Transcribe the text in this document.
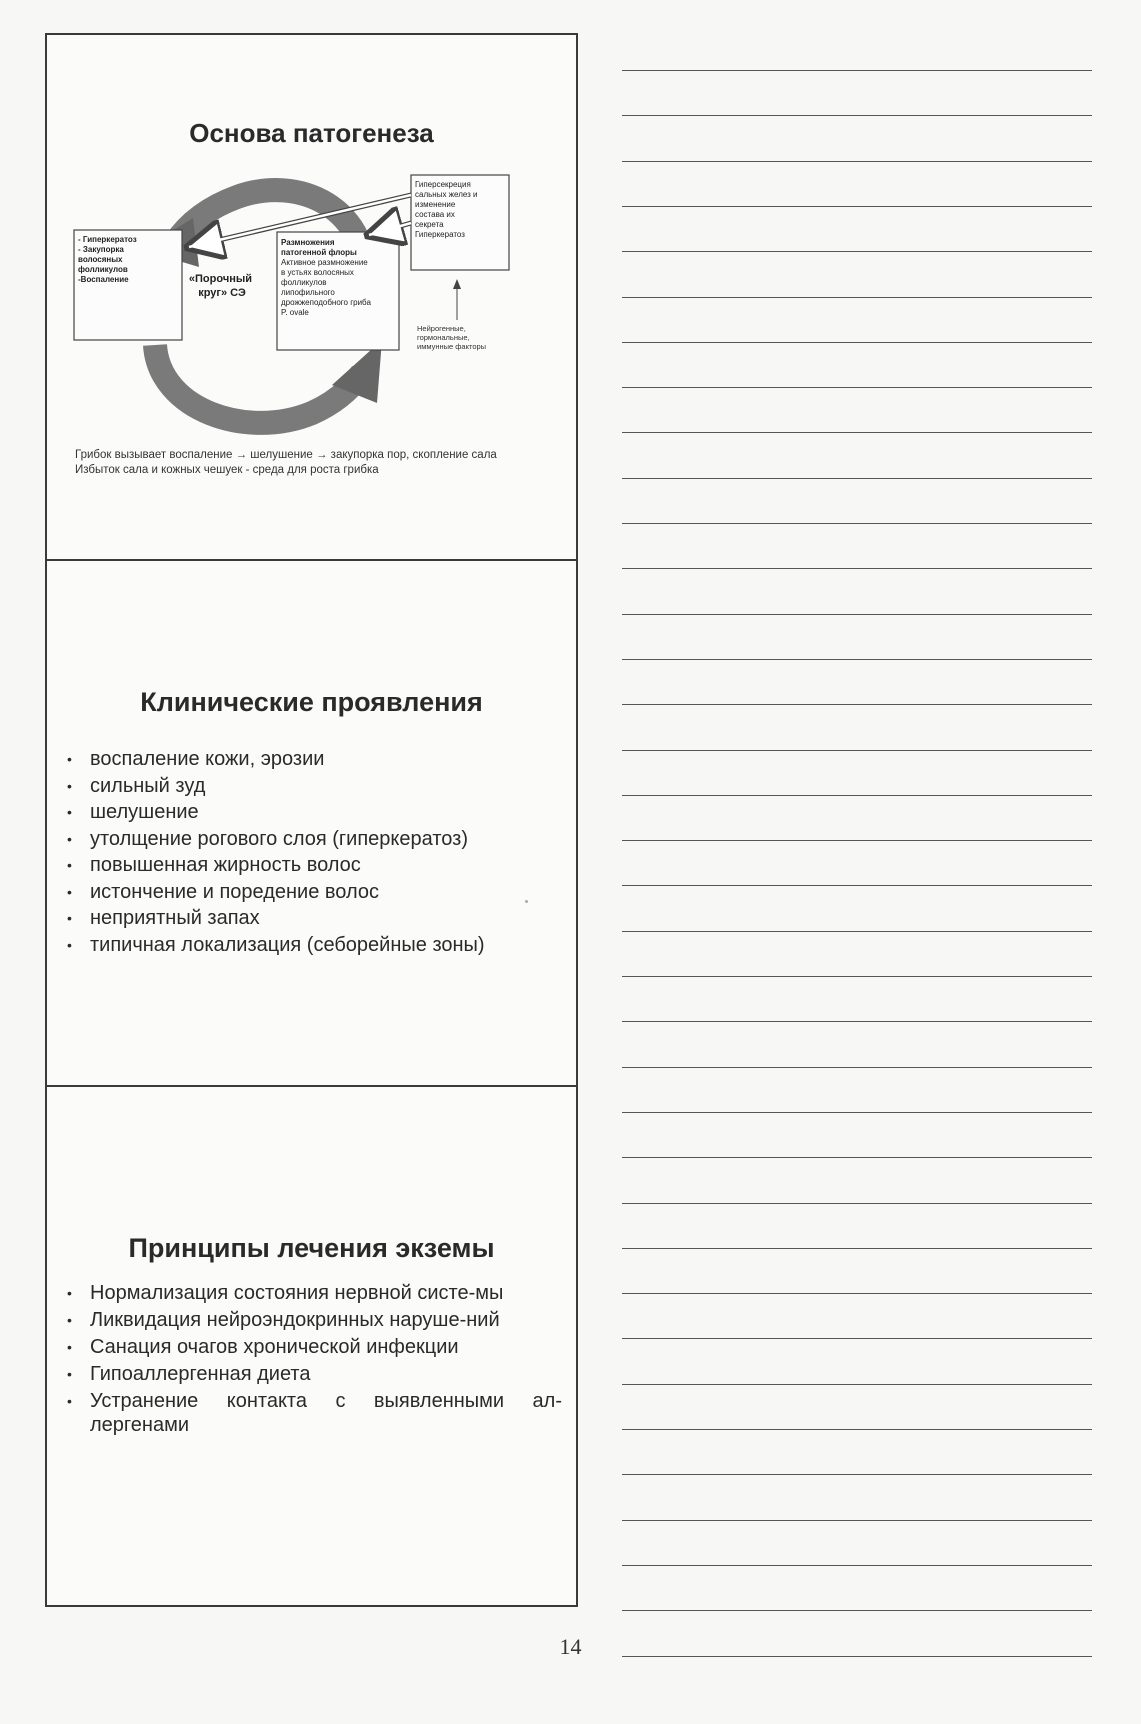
Основа патогенеза
- Гиперкератоз - Закупорка волосяных фолликулов -Воспаление	«Порочный круг» СЭ
Размножения патогенной флоры Активное размножение в устьях волосяных фолликулов липофильного дрожжеподобного гриба P. ovale
Гиперсекреция сальных желез и изменение состава их секрета Гиперкератоз
Нейрогенные, гормональные, иммунные факторы
Грибок вызывает воспаление → шелушение → закупорка пор, скопление сала
Избыток сала и кожных чешуек - среда для роста грибка
Клинические проявления
• воспаление кожи, эрозии
• сильный зуд
• шелушение
• утолщение рогового слоя (гиперкератоз)
• повышенная жирность волос
• истончение и поредение волос
• неприятный запах
• типичная локализация (себорейные зоны)
Принципы лечения экземы
• Нормализация состояния нервной систе-мы
• Ликвидация нейроэндокринных наруше-ний
• Санация очагов хронической инфекции
• Гипоаллергенная диета
• Устранение контакта с выявленными ал-лергенами
14
